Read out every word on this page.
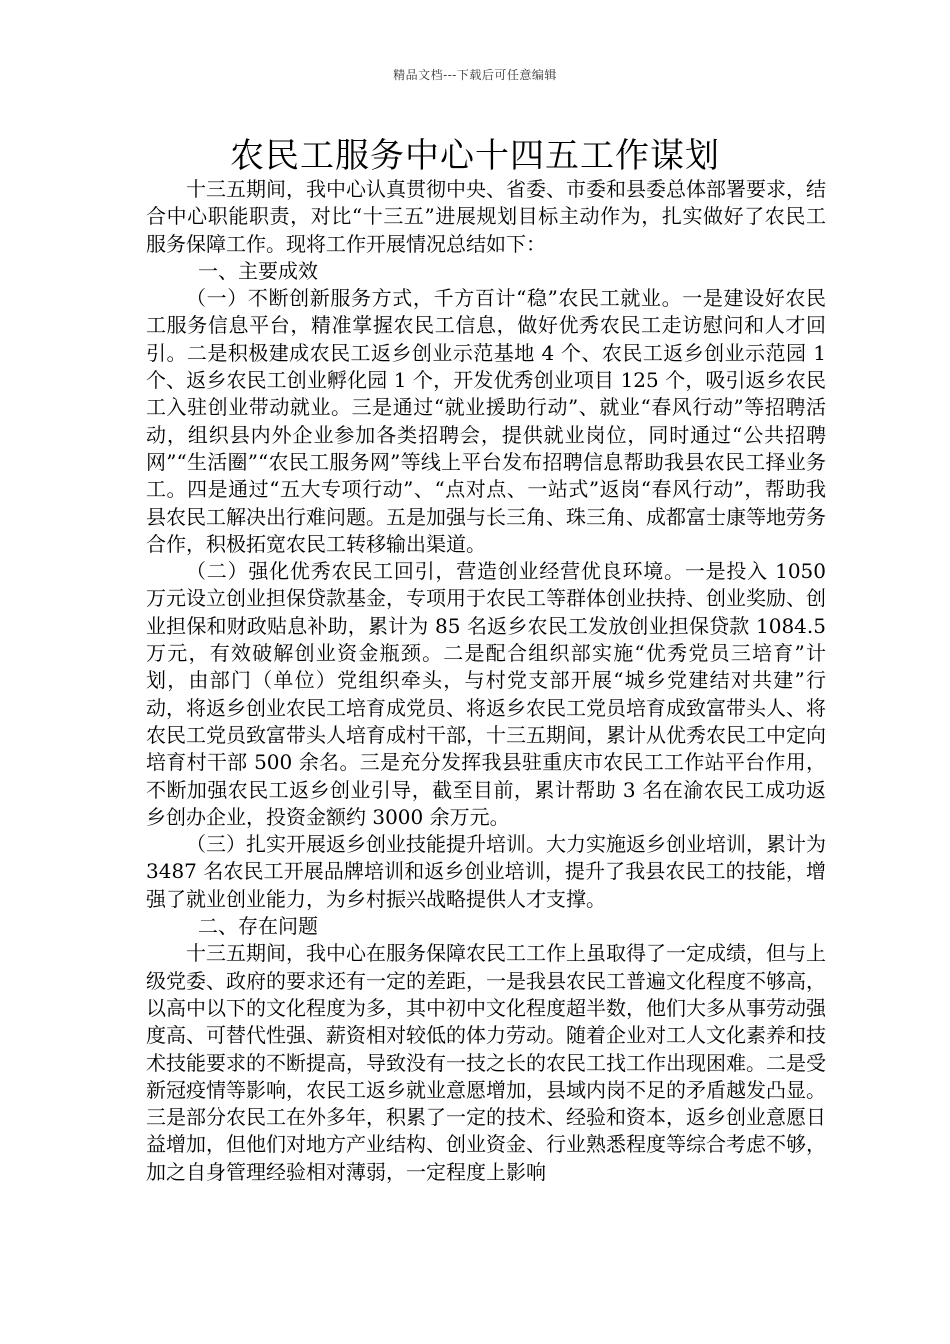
精品文档---下载后可任意编辑
农民工服务中心十四五工作谋划

十三五期间，我中心认真贯彻中央、省委、市委和县委总体部署要求，结合中心职能职责，对比“十三五”进展规划目标主动作为，扎实做好了农民工服务保障工作。现将工作开展情况总结如下：

一、主要成效

（一）不断创新服务方式，千方百计“稳”农民工就业。一是建设好农民工服务信息平台，精准掌握农民工信息，做好优秀农民工走访慰问和人才回引。二是积极建成农民工返乡创业示范基地 4 个、农民工返乡创业示范园 1 个、返乡农民工创业孵化园 1 个，开发优秀创业项目 125 个，吸引返乡农民工入驻创业带动就业。三是通过“就业援助行动”、就业“春风行动”等招聘活动，组织县内外企业参加各类招聘会，提供就业岗位，同时通过“公共招聘网”“生活圈”“农民工服务网”等线上平台发布招聘信息帮助我县农民工择业务工。四是通过“五大专项行动”、“点对点、一站式”返岗“春风行动”，帮助我县农民工解决出行难问题。五是加强与长三角、珠三角、成都富士康等地劳务合作，积极拓宽农民工转移输出渠道。

（二）强化优秀农民工回引，营造创业经营优良环境。一是投入 1050 万元设立创业担保贷款基金，专项用于农民工等群体创业扶持、创业奖励、创业担保和财政贴息补助，累计为 85 名返乡农民工发放创业担保贷款 1084.5 万元，有效破解创业资金瓶颈。二是配合组织部实施“优秀党员三培育”计划，由部门（单位）党组织牵头，与村党支部开展“城乡党建结对共建”行动，将返乡创业农民工培育成党员、将返乡农民工党员培育成致富带头人、将农民工党员致富带头人培育成村干部，十三五期间，累计从优秀农民工中定向培育村干部 500 余名。三是充分发挥我县驻重庆市农民工工作站平台作用，不断加强农民工返乡创业引导，截至目前，累计帮助 3 名在渝农民工成功返乡创办企业，投资金额约 3000 余万元。

（三）扎实开展返乡创业技能提升培训。大力实施返乡创业培训，累计为 3487 名农民工开展品牌培训和返乡创业培训，提升了我县农民工的技能，增强了就业创业能力，为乡村振兴战略提供人才支撑。

二、存在问题

十三五期间，我中心在服务保障农民工工作上虽取得了一定成绩，但与上级党委、政府的要求还有一定的差距，一是我县农民工普遍文化程度不够高，以高中以下的文化程度为多，其中初中文化程度超半数，他们大多从事劳动强度高、可替代性强、薪资相对较低的体力劳动。随着企业对工人文化素养和技术技能要求的不断提高，导致没有一技之长的农民工找工作出现困难。二是受新冠疫情等影响，农民工返乡就业意愿增加，县域内岗不足的矛盾越发凸显。三是部分农民工在外多年，积累了一定的技术、经验和资本，返乡创业意愿日益增加，但他们对地方产业结构、创业资金、行业熟悉程度等综合考虑不够，加之自身管理经验相对薄弱，一定程度上影响
